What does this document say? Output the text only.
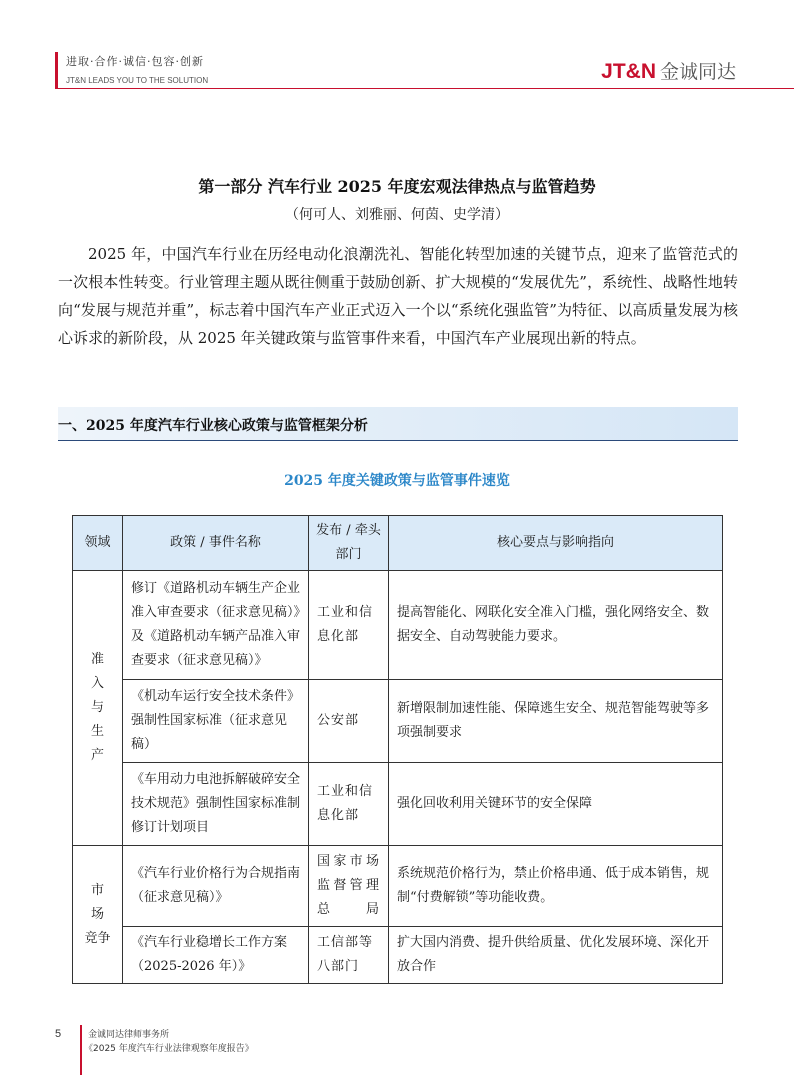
进取·合作·诚信·包容·创新
JT&N LEADS YOU TO THE SOLUTION	JT&N 金诚同达
第一部分 汽车行业 2025 年度宏观法律热点与监管趋势
（何可人、刘雅丽、何茵、史学清）

2025 年，中国汽车行业在历经电动化浪潮洗礼、智能化转型加速的关键节点，迎来了监管范式的一次根本性转变。行业管理主题从既往侧重于鼓励创新、扩大规模的“发展优先”，系统性、战略性地转向“发展与规范并重”，标志着中国汽车产业正式迈入一个以“系统化强监管”为特征、以高质量发展为核心诉求的新阶段，从 2025 年关键政策与监管事件来看，中国汽车产业展现出新的特点。

一、2025 年度汽车行业核心政策与监管框架分析
2025 年度关键政策与监管事件速览
领域	政策 / 事件名称	发布 / 牵头部门	核心要点与影响指向

准
入
与
生
产	修订《道路机动车辆生产企业准入审查要求（征求意见稿）》及《道路机动车辆产品准入审查要求（征求意见稿）》	工业和信息化部	提高智能化、网联化安全准入门槛，强化网络安全、数据安全、自动驾驶能力要求。
	《机动车运行安全技术条件》强制性国家标准（征求意见稿）	公安部	新增限制加速性能、保障逃生安全、规范智能驾驶等多项强制要求
	《车用动力电池拆解破碎安全技术规范》强制性国家标准制修订计划项目	工业和信息化部	强化回收利用关键环节的安全保障

市
场
竞争	《汽车行业价格行为合规指南（征求意见稿）》	国家市场监督管理总局	系统规范价格行为，禁止价格串通、低于成本销售，规制“付费解锁”等功能收费。
	《汽车行业稳增长工作方案（2025-2026 年）》	工信部等八部门	扩大国内消费、提升供给质量、优化发展环境、深化开放合作
5	金诚同达律师事务所
《2025 年度汽车行业法律观察年度报告》
